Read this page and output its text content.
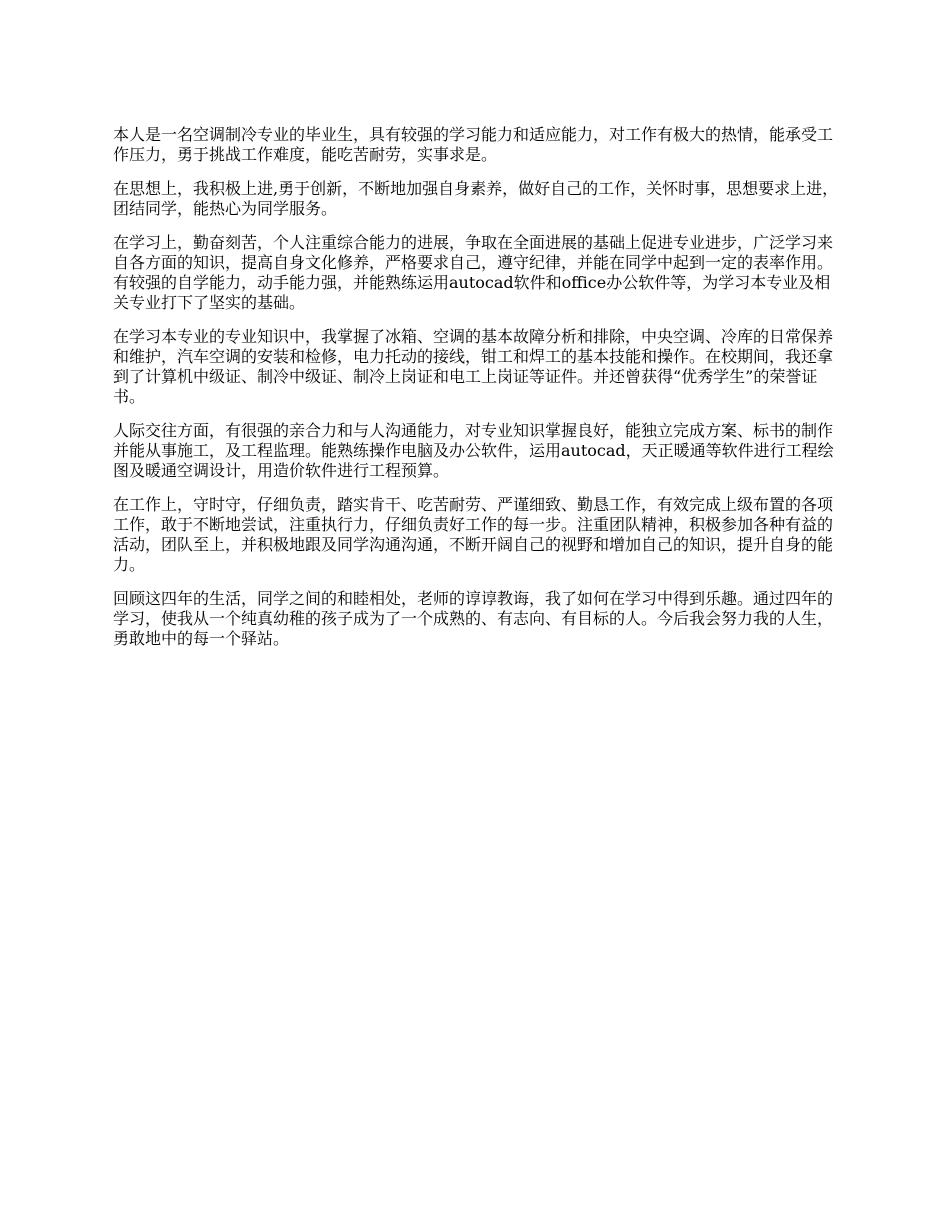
本人是一名空调制冷专业的毕业生，具有较强的学习能力和适应能力，对工作有极大的热情，能承受工作压力，勇于挑战工作难度，能吃苦耐劳，实事求是。

在思想上，我积极上进,勇于创新，不断地加强自身素养，做好自己的工作，关怀时事，思想要求上进，团结同学，能热心为同学服务。

在学习上，勤奋刻苦，个人注重综合能力的进展，争取在全面进展的基础上促进专业进步，广泛学习来自各方面的知识，提高自身文化修养，严格要求自己，遵守纪律，并能在同学中起到一定的表率作用。有较强的自学能力，动手能力强，并能熟练运用autocad软件和office办公软件等，为学习本专业及相关专业打下了坚实的基础。

在学习本专业的专业知识中，我掌握了冰箱、空调的基本故障分析和排除，中央空调、冷库的日常保养和维护，汽车空调的安装和检修，电力托动的接线，钳工和焊工的基本技能和操作。在校期间，我还拿到了计算机中级证、制冷中级证、制冷上岗证和电工上岗证等证件。并还曾获得“优秀学生”的荣誉证书。

人际交往方面，有很强的亲合力和与人沟通能力，对专业知识掌握良好，能独立完成方案、标书的制作并能从事施工，及工程监理。能熟练操作电脑及办公软件，运用autocad，天正暖通等软件进行工程绘图及暖通空调设计，用造价软件进行工程预算。

在工作上，守时守，仔细负责，踏实肯干、吃苦耐劳、严谨细致、勤恳工作，有效完成上级布置的各项工作，敢于不断地尝试，注重执行力，仔细负责好工作的每一步。注重团队精神，积极参加各种有益的活动，团队至上，并积极地跟及同学沟通沟通，不断开阔自己的视野和增加自己的知识，提升自身的能力。

回顾这四年的生活，同学之间的和睦相处，老师的谆谆教诲，我了如何在学习中得到乐趣。通过四年的学习，使我从一个纯真幼稚的孩子成为了一个成熟的、有志向、有目标的人。今后我会努力我的人生，勇敢地中的每一个驿站。
